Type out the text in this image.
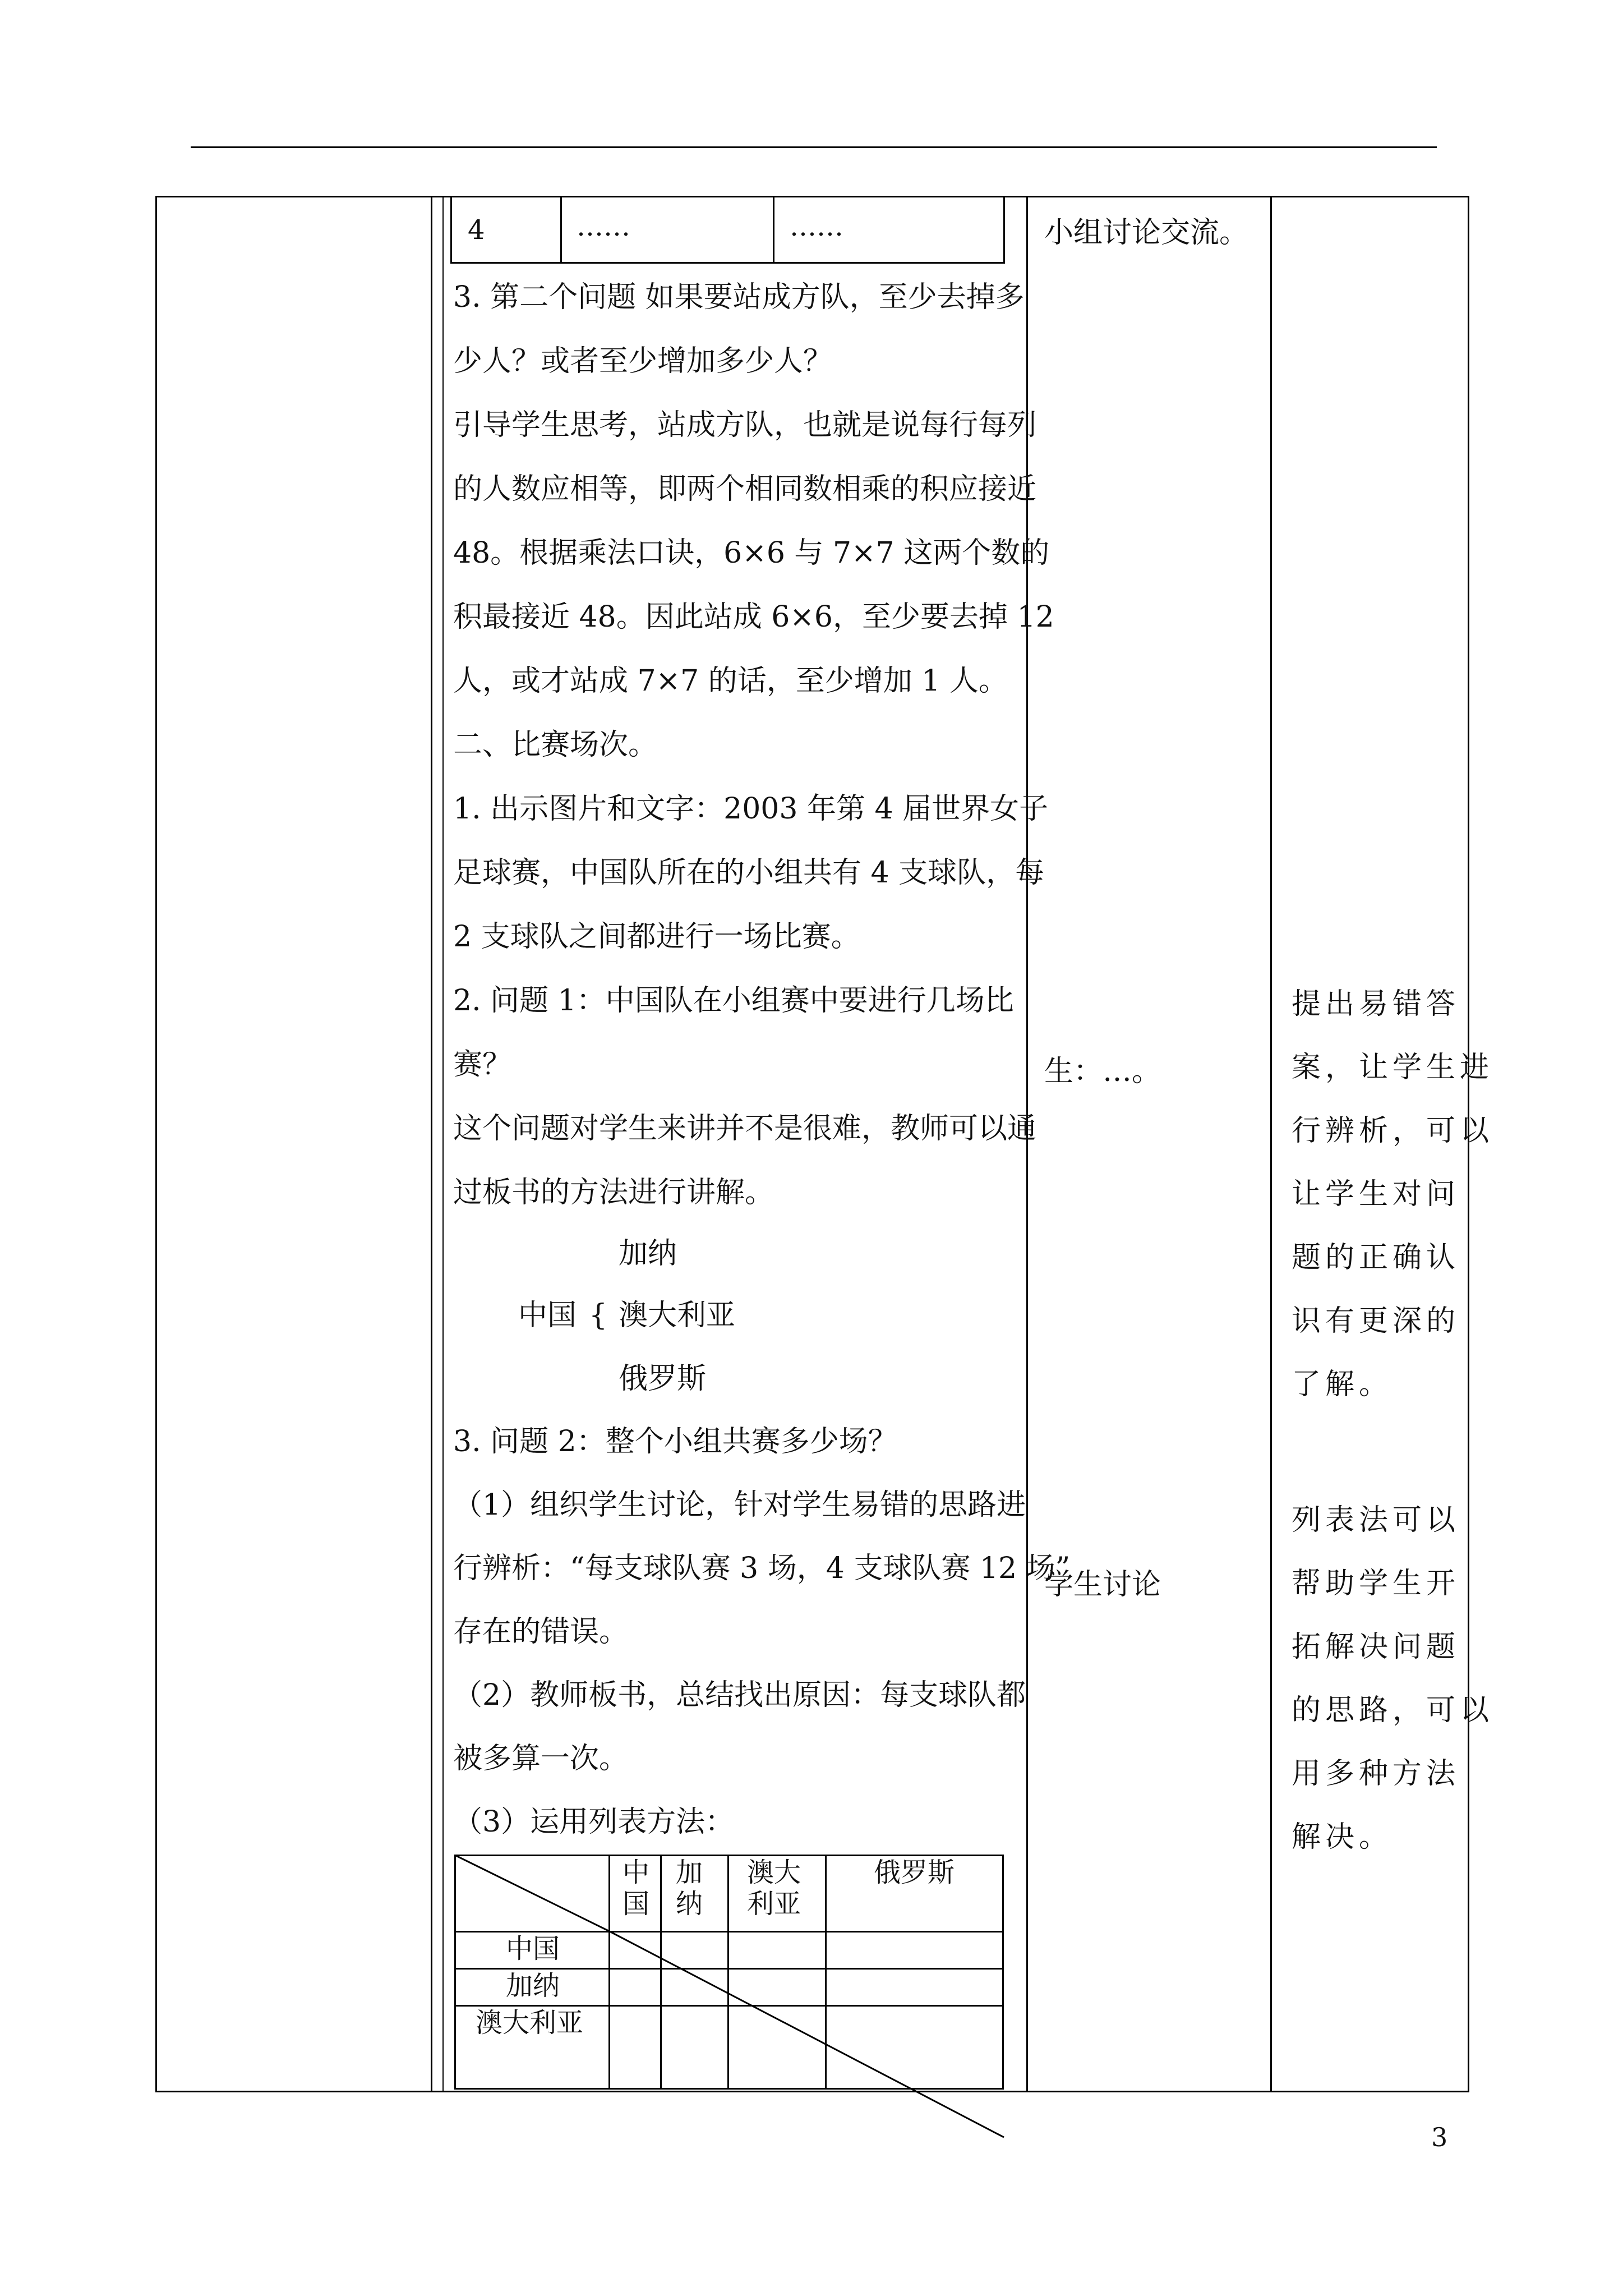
4	……	……
3. 第二个问题 如果要站成方队，至少去掉多
少人？或者至少增加多少人？
引导学生思考，站成方队，也就是说每行每列
的人数应相等，即两个相同数相乘的积应接近
48。根据乘法口诀，6×6 与 7×7 这两个数的
积最接近 48。因此站成 6×6，至少要去掉 12
人，或才站成 7×7 的话，至少增加 1 人。
二、比赛场次。
1. 出示图片和文字：2003 年第 4 届世界女子
足球赛，中国队所在的小组共有 4 支球队，每
2 支球队之间都进行一场比赛。
2. 问题 1：中国队在小组赛中要进行几场比
赛？
这个问题对学生来讲并不是很难，教师可以通
过板书的方法进行讲解。
加纳
中国 { 澳大利亚
俄罗斯
3. 问题 2：整个小组共赛多少场？
（1）组织学生讨论，针对学生易错的思路进
行辨析：“每支球队赛 3 场，4 支球队赛 12 场”
存在的错误。
（2）教师板书，总结找出原因：每支球队都
被多算一次。
（3）运用列表方法：
中
国
加
纳
澳大
利亚
俄罗斯
中国
加纳
澳大利亚
小组讨论交流。
生：…。
学生讨论
提出易错答
案，让学生进
行辨析，可以
让学生对问
题的正确认
识有更深的
了解。
列表法可以
帮助学生开
拓解决问题
的思路，可以
用多种方法
解决。
3
